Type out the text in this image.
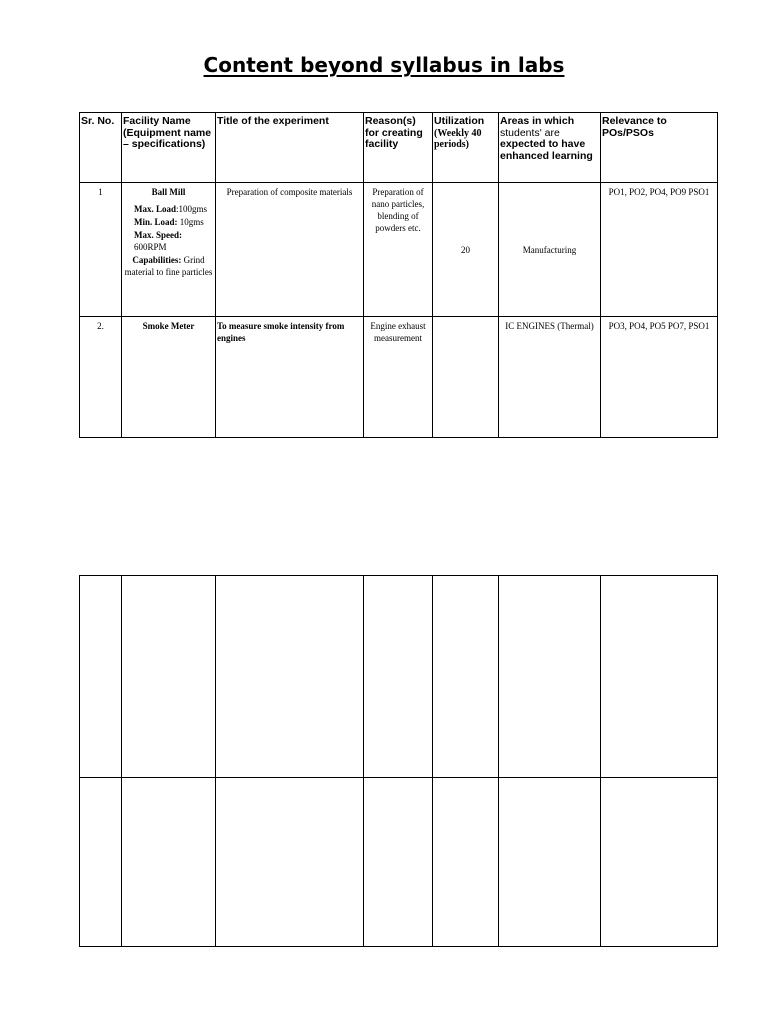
Content beyond syllabus in labs
Sr. No.	Facility Name (Equipment name – specifications)	Title of the experiment	Reason(s) for creating facility	Utilization
(Weekly 40 periods)	Areas in which
students' are
expected to have enhanced learning	Relevance to POs/PSOs
1	Ball Mill
Max. Load:100gms
Min. Load: 10gms
Max. Speed: 600RPM
Capabilities: Grind material to fine particles	Preparation of composite materials	Preparation of nano particles, blending of powders etc.	20	Manufacturing	PO1, PO2, PO4, PO9 PSO1
2.	Smoke Meter	To measure smoke intensity from engines	Engine exhaust measurement		IC ENGINES (Thermal)	PO3, PO4, PO5 PO7, PSO1
